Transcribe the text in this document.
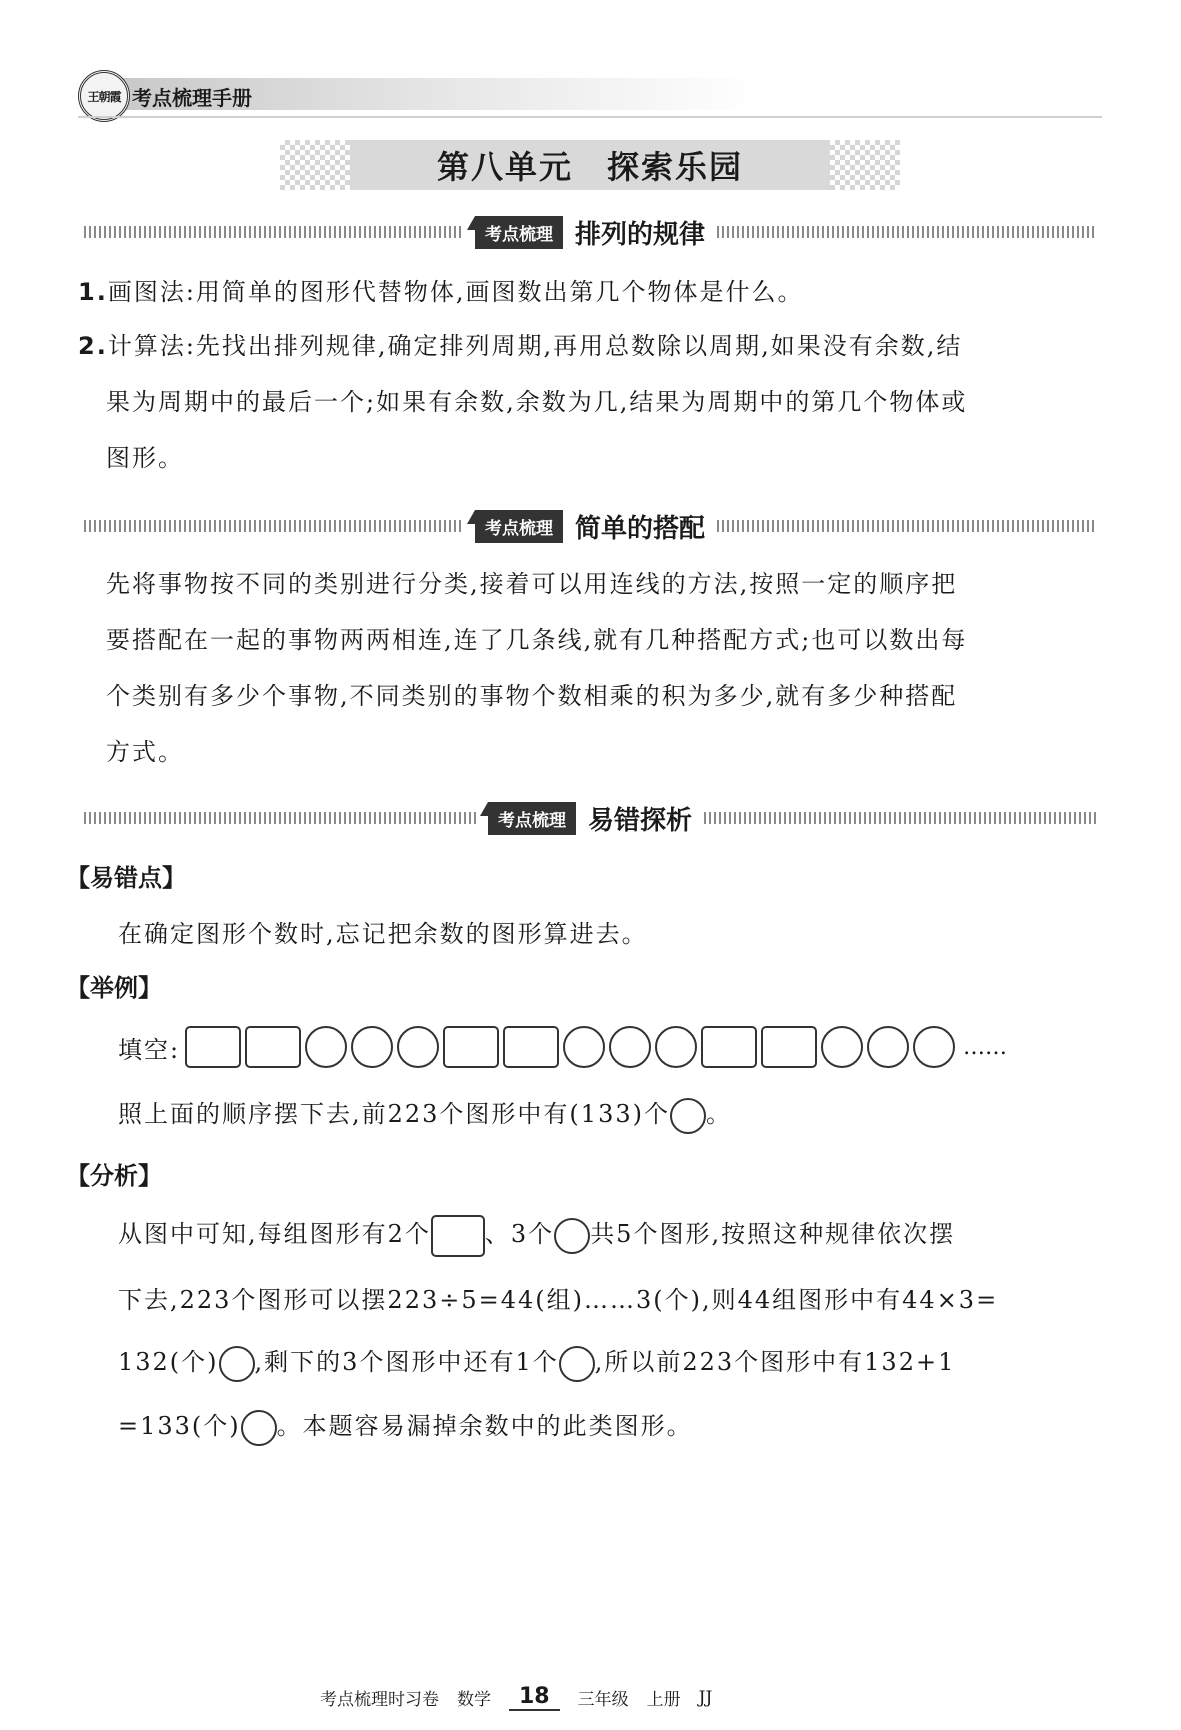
王朝霞 考点梳理手册
第八单元　探索乐园
考点梳理 排列的规律
1.画图法:用简单的图形代替物体,画图数出第几个物体是什么。
2.计算法:先找出排列规律,确定排列周期,再用总数除以周期,如果没有余数,结
果为周期中的最后一个;如果有余数,余数为几,结果为周期中的第几个物体或
图形。
考点梳理 简单的搭配
先将事物按不同的类别进行分类,接着可以用连线的方法,按照一定的顺序把
要搭配在一起的事物两两相连,连了几条线,就有几种搭配方式;也可以数出每
个类别有多少个事物,不同类别的事物个数相乘的积为多少,就有多少种搭配
方式。
考点梳理 易错探析
【易错点】
在确定图形个数时,忘记把余数的图形算进去。
【举例】
填空:	……
照上面的顺序摆下去,前223个图形中有(133)个 。
【分析】
从图中可知,每组图形有2个 、3个 共5个图形,按照这种规律依次摆
下去,223个图形可以摆223÷5=44(组)……3(个),则44组图形中有44×3=
132(个) ,剩下的3个图形中还有1个 ,所以前223个图形中有132+1
=133(个) 。本题容易漏掉余数中的此类图形。
考点梳理时习卷 数学	18	三年级 上册 JJ
